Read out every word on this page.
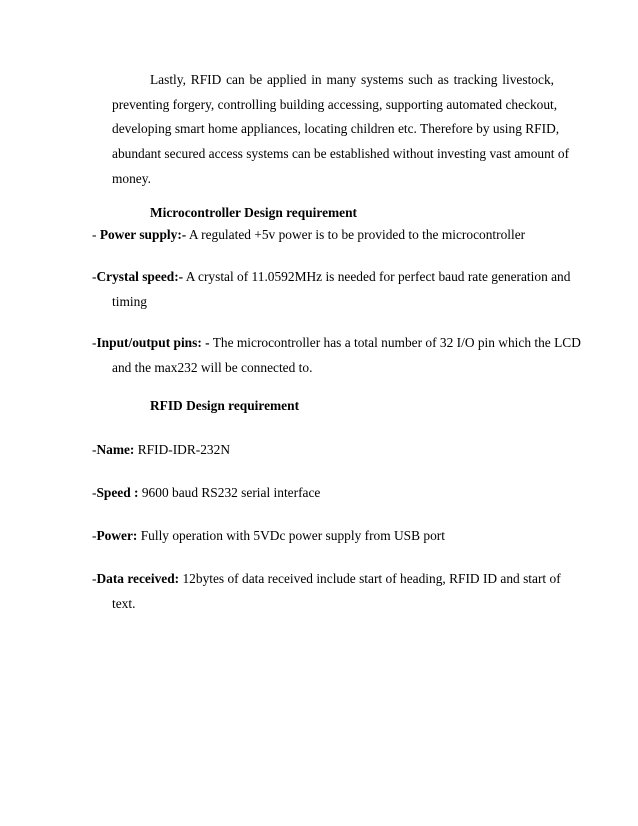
Lastly, RFID can be applied in many systems such as tracking livestock,
preventing forgery, controlling building accessing, supporting automated checkout,
developing smart home appliances, locating children etc. Therefore by using RFID,
abundant secured access systems can be established without investing vast amount of
money.
Microcontroller Design requirement
- Power supply:- A regulated +5v power is to be provided to the microcontroller
-Crystal speed:- A crystal of 11.0592MHz is needed for perfect baud rate generation and
timing
-Input/output pins: - The microcontroller has a total number of 32 I/O pin which the LCD
and the max232 will be connected to.
RFID Design requirement
-Name: RFID-IDR-232N
-Speed : 9600 baud RS232 serial interface
-Power: Fully operation with 5VDc power supply from USB port
-Data received: 12bytes of data received include start of heading, RFID ID and start of
text.
